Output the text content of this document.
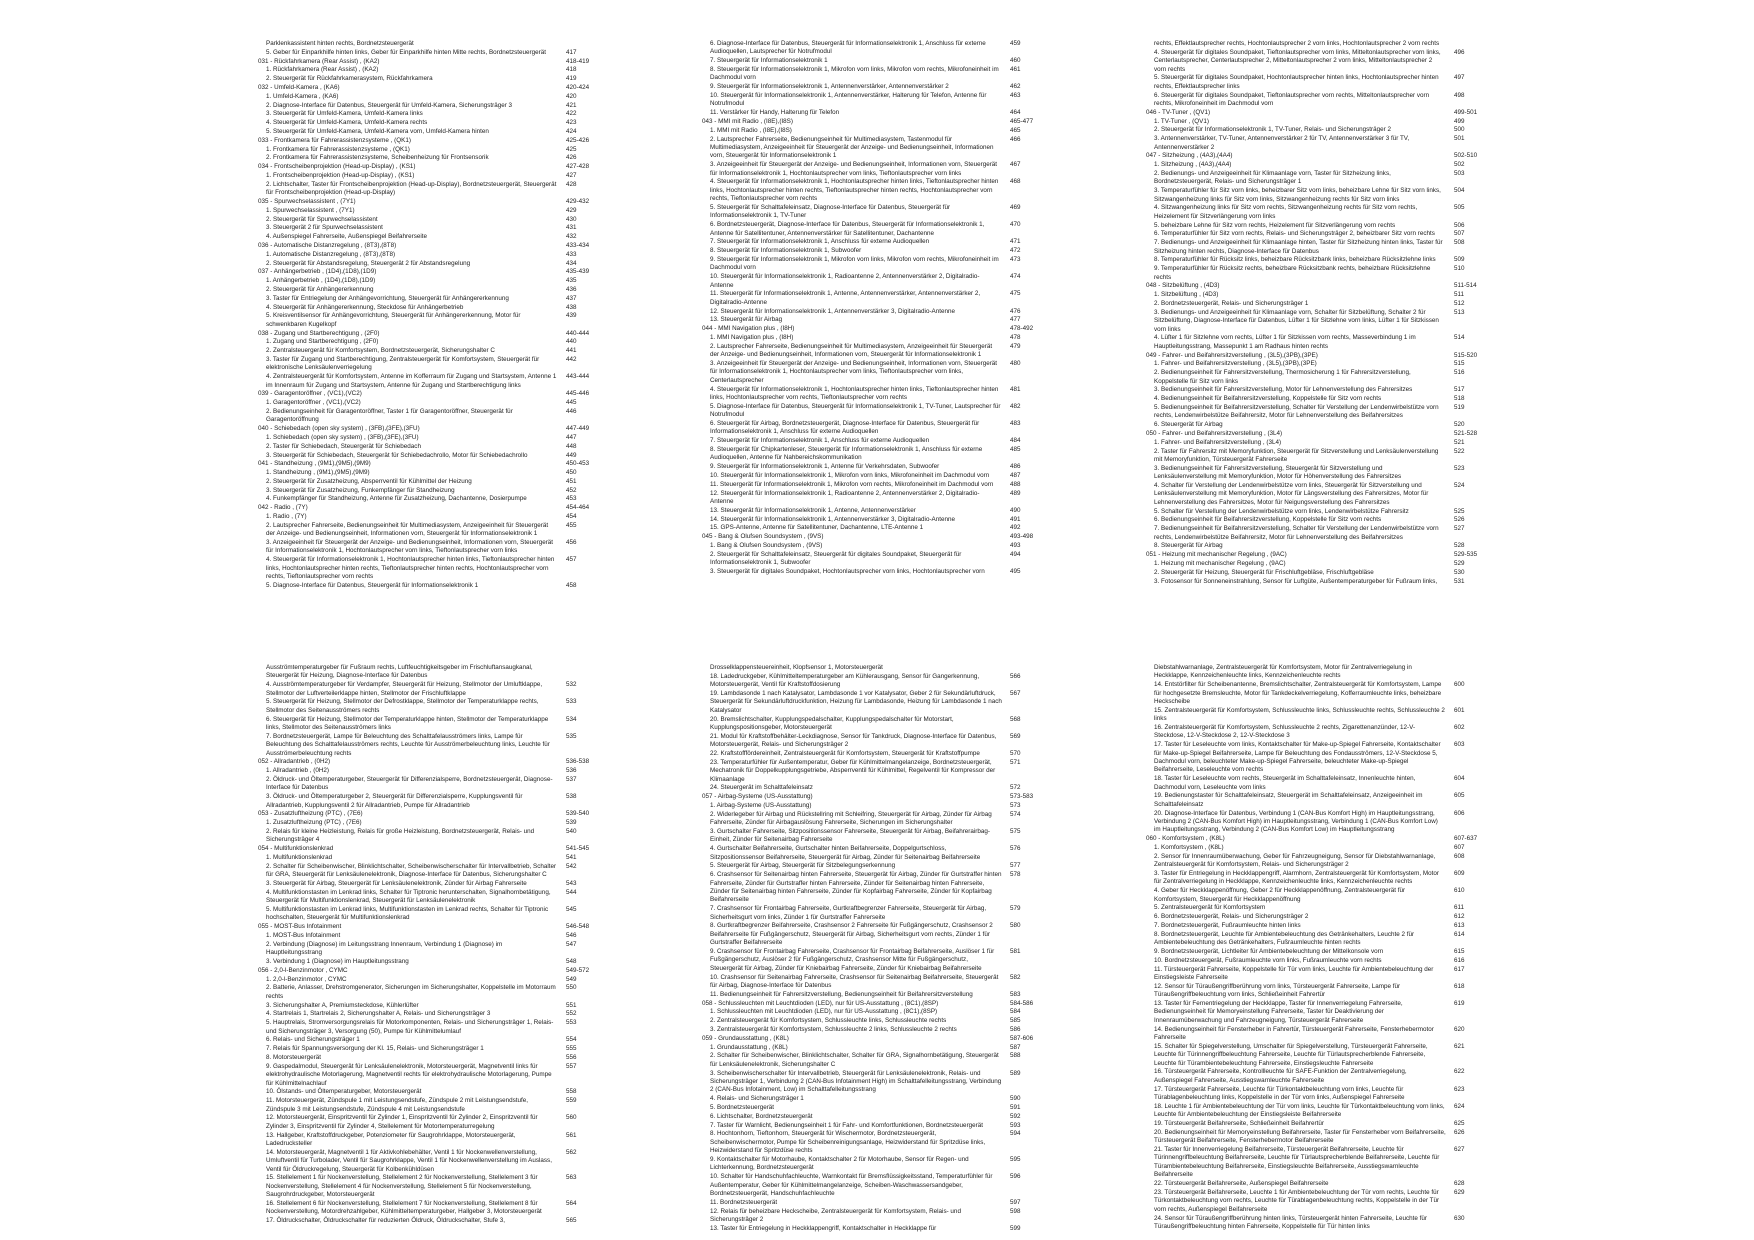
Parklenkassistent hinten rechts, Bordnetzsteuergerät
5. Geber für Einparkhilfe hinten links, Geber für Einparkhilfe hinten Mitte rechts, Bordnetzsteuergerät	417
031 - Rückfahrkamera (Rear Assist) , (KA2)	418-419
1. Rückfahrkamera (Rear Assist) , (KA2)	418
2. Steuergerät für Rückfahrkamerasystem, Rückfahrkamera	419
032 - Umfeld-Kamera , (KA6)	420-424
1. Umfeld-Kamera , (KA6)	420
2. Diagnose-Interface für Datenbus, Steuergerät für Umfeld-Kamera, Sicherungsträger 3	421
3. Steuergerät für Umfeld-Kamera, Umfeld-Kamera links	422
4. Steuergerät für Umfeld-Kamera, Umfeld-Kamera rechts	423
5. Steuergerät für Umfeld-Kamera, Umfeld-Kamera vorn, Umfeld-Kamera hinten	424
033 - Frontkamera für Fahrerassistenzsysteme , (QK1)	425-426
1. Frontkamera für Fahrerassistenzsysteme , (QK1)	425
2. Frontkamera für Fahrerassistenzsysteme, Scheibenheizung für Frontsensorik	426
034 - Frontscheibenprojektion (Head-up-Display) , (KS1)	427-428
1. Frontscheibenprojektion (Head-up-Display) , (KS1)	427
2. Lichtschalter, Taster für Frontscheibenprojektion (Head-up-Display), Bordnetzsteuergerät, Steuergerät für Frontscheibenprojektion (Head-up-Display)
428
035 - Spurwechselassistent , (7Y1)	429-432
1. Spurwechselassistent , (7Y1)	429
2. Steuergerät für Spurwechselassistent	430
3. Steuergerät 2 für Spurwechselassistent	431
4. Außenspiegel Fahrerseite, Außenspiegel Beifahrerseite	432
036 - Automatische Distanzregelung , (8T3),(8T8)	433-434
1. Automatische Distanzregelung , (8T3),(8T8)	433
2. Steuergerät für Abstandsregelung, Steuergerät 2 für Abstandsregelung	434
037 - Anhängerbetrieb , (1D4),(1D8),(1D9)	435-439
1. Anhängerbetrieb , (1D4),(1D8),(1D9)	435
2. Steuergerät für Anhängererkennung	436
3. Taster für Entriegelung der Anhängevorrichtung, Steuergerät für Anhängererkennung	437
4. Steuergerät für Anhängererkennung, Steckdose für Anhängerbetrieb	438
5. Kreisventilsensor für Anhängevorrichtung, Steuergerät für Anhängererkennung, Motor für schwenkbaren Kugelkopf
439
038 - Zugang und Startberechtigung , (2F0)	440-444
1. Zugang und Startberechtigung , (2F0)	440
2. Zentralsteuergerät für Komfortsystem, Bordnetzsteuergerät, Sicherungshalter C	441
3. Taster für Zugang und Startberechtigung, Zentralsteuergerät für Komfortsystem, Steuergerät für elektronische Lenksäulenverriegelung
442
4. Zentralsteuergerät für Komfortsystem, Antenne im Kofferraum für Zugang und Startsystem, Antenne 1 im Innenraum für Zugang und Startsystem, Antenne für Zugang und Startberechtigung links
443-444
039 - Garagentoröffner , (VC1),(VC2)	445-446
1. Garagentoröffner , (VC1),(VC2)	445
2. Bedienungseinheit für Garagentoröffner, Taster 1 für Garagentoröffner, Steuergerät für Garagentoröffnung
446
040 - Schiebedach (open sky system) , (3FB),(3FE),(3FU)	447-449
1. Schiebedach (open sky system) , (3FB),(3FE),(3FU)	447
2. Taster für Schiebedach, Steuergerät für Schiebedach	448
3. Steuergerät für Schiebedach, Steuergerät für Schiebedachrollo, Motor für Schiebedachrollo	449
041 - Standheizung , (9M1),(9M5),(9M9)	450-453
1. Standheizung , (9M1),(9M5),(9M9)	450
2. Steuergerät für Zusatzheizung, Absperrventil für Kühlmittel der Heizung	451
3. Steuergerät für Zusatzheizung, Funkempfänger für Standheizung	452
4. Funkempfänger für Standheizung, Antenne für Zusatzheizung, Dachantenne, Dosierpumpe	453
042 - Radio , (7Y)	454-464
1. Radio , (7Y)	454
2. Lautsprecher Fahrerseite, Bedienungseinheit für Multimediasystem, Anzeigeeinheit für Steuergerät der Anzeige- und Bedienungseinheit, Informationen vorn, Steuergerät für Informationselektronik 1
455
3. Anzeigeeinheit für Steuergerät der Anzeige- und Bedienungseinheit, Informationen vorn, Steuergerät für Informationselektronik 1, Hochtonlautsprecher vorn links, Tieftonlautsprecher vorn links
456
4. Steuergerät für Informationselektronik 1, Hochtonlautsprecher hinten links, Tieftonlautsprecher hinten links, Hochtonlautsprecher hinten rechts, Tieftonlautsprecher hinten rechts, Hochtonlautsprecher vorn rechts, Tieftonlautsprecher vorn rechts
457
5. Diagnose-Interface für Datenbus, Steuergerät für Informationselektronik 1	458
6. Diagnose-Interface für Datenbus, Steuergerät für Informationselektronik 1, Anschluss für externe Audioquellen, Lautsprecher für Notrufmodul
459
7. Steuergerät für Informationselektronik 1	460
8. Steuergerät für Informationselektronik 1, Mikrofon vorn links, Mikrofon vorn rechts, Mikrofoneinheit im Dachmodul vorn
461
9. Steuergerät für Informationselektronik 1, Antennenverstärker, Antennenverstärker 2	462
10. Steuergerät für Informationselektronik 1, Antennenverstärker, Halterung für Telefon, Antenne für Notrufmodul
463
11. Verstärker für Handy, Halterung für Telefon	464
043 - MMI mit Radio , (I8E),(I8S)	465-477
1. MMI mit Radio , (I8E),(I8S)	465
2. Lautsprecher Fahrerseite, Bedienungseinheit für Multimediasystem, Tastenmodul für Multimediasystem, Anzeigeeinheit für Steuergerät der Anzeige- und Bedienungseinheit, Informationen vorn, Steuergerät für Informationselektronik 1
466
3. Anzeigeeinheit für Steuergerät der Anzeige- und Bedienungseinheit, Informationen vorn, Steuergerät für Informationselektronik 1, Hochtonlautsprecher vorn links, Tieftonlautsprecher vorn links
467
4. Steuergerät für Informationselektronik 1, Hochtonlautsprecher hinten links, Tieftonlautsprecher hinten links, Hochtonlautsprecher hinten rechts, Tieftonlautsprecher hinten rechts, Hochtonlautsprecher vorn rechts, Tieftonlautsprecher vorn rechts
468
5. Steuergerät für Schalttafeleinsatz, Diagnose-Interface für Datenbus, Steuergerät für Informationselektronik 1, TV-Tuner
469
6. Bordnetzsteuergerät, Diagnose-Interface für Datenbus, Steuergerät für Informationselektronik 1, Antenne für Satellitentuner, Antennenverstärker für Satellitentuner, Dachantenne
470
7. Steuergerät für Informationselektronik 1, Anschluss für externe Audioquellen	471
8. Steuergerät für Informationselektronik 1, Subwoofer	472
9. Steuergerät für Informationselektronik 1, Mikrofon vorn links, Mikrofon vorn rechts, Mikrofoneinheit im Dachmodul vorn
473
10. Steuergerät für Informationselektronik 1, Radioantenne 2, Antennenverstärker 2, Digitalradio-Antenne
474
11. Steuergerät für Informationselektronik 1, Antenne, Antennenverstärker, Antennenverstärker 2, Digitalradio-Antenne
475
12. Steuergerät für Informationselektronik 1, Antennenverstärker 3, Digitalradio-Antenne	476
13. Steuergerät für Airbag	477
044 - MMI Navigation plus , (I8H)	478-492
1. MMI Navigation plus , (I8H)	478
2. Lautsprecher Fahrerseite, Bedienungseinheit für Multimediasystem, Anzeigeeinheit für Steuergerät der Anzeige- und Bedienungseinheit, Informationen vorn, Steuergerät für Informationselektronik 1
479
3. Anzeigeeinheit für Steuergerät der Anzeige- und Bedienungseinheit, Informationen vorn, Steuergerät für Informationselektronik 1, Hochtonlautsprecher vorn links, Tieftonlautsprecher vorn links, Centerlautsprecher
480
4. Steuergerät für Informationselektronik 1, Hochtonlautsprecher hinten links, Tieftonlautsprecher hinten links, Hochtonlautsprecher vorn rechts, Tieftonlautsprecher vorn rechts
481
5. Diagnose-Interface für Datenbus, Steuergerät für Informationselektronik 1, TV-Tuner, Lautsprecher für Notrufmodul
482
6. Steuergerät für Airbag, Bordnetzsteuergerät, Diagnose-Interface für Datenbus, Steuergerät für Informationselektronik 1, Anschluss für externe Audioquellen
483
7. Steuergerät für Informationselektronik 1, Anschluss für externe Audioquellen	484
8. Steuergerät für Chipkartenleser, Steuergerät für Informationselektronik 1, Anschluss für externe Audioquellen, Antenne für Nahbereichskommunikation
485
9. Steuergerät für Informationselektronik 1, Antenne für Verkehrsdaten, Subwoofer	486
10. Steuergerät für Informationselektronik 1, Mikrofon vorn links, Mikrofoneinheit im Dachmodul vorn	487
11. Steuergerät für Informationselektronik 1, Mikrofon vorn rechts, Mikrofoneinheit im Dachmodul vorn	488
12. Steuergerät für Informationselektronik 1, Radioantenne 2, Antennenverstärker 2, Digitalradio-Antenne
489
13. Steuergerät für Informationselektronik 1, Antenne, Antennenverstärker	490
14. Steuergerät für Informationselektronik 1, Antennenverstärker 3, Digitalradio-Antenne	491
15. GPS-Antenne, Antenne für Satellitentuner, Dachantenne, LTE-Antenne 1	492
045 - Bang & Olufsen Soundsystem , (9VS)	493-498
1. Bang & Olufsen Soundsystem , (9VS)	493
2. Steuergerät für Schalttafeleinsatz, Steuergerät für digitales Soundpaket, Steuergerät für Informationselektronik 1, Subwoofer
494
3. Steuergerät für digitales Soundpaket, Hochtonlautsprecher vorn links, Hochtonlautsprecher vorn	495
rechts, Effektlautsprecher rechts, Hochtonlautsprecher 2 vorn links, Hochtonlautsprecher 2 vorn rechts
4. Steuergerät für digitales Soundpaket, Tieftonlautsprecher vorn links, Mitteltonlautsprecher vorn links, Centerlautsprecher, Centerlautsprecher 2, Mitteltonlautsprecher 2 vorn links, Mitteltonlautsprecher 2 vorn rechts
496
5. Steuergerät für digitales Soundpaket, Hochtonlautsprecher hinten links, Hochtonlautsprecher hinten rechts, Effektlautsprecher links
497
6. Steuergerät für digitales Soundpaket, Tieftonlautsprecher vorn rechts, Mitteltonlautsprecher vorn rechts, Mikrofoneinheit im Dachmodul vorn
498
046 - TV-Tuner , (QV1)	499-501
1. TV-Tuner , (QV1)	499
2. Steuergerät für Informationselektronik 1, TV-Tuner, Relais- und Sicherungsträger 2	500
3. Antennenverstärker, TV-Tuner, Antennenverstärker 2 für TV, Antennenverstärker 3 für TV, Antennenverstärker 2
501
047 - Sitzheizung , (4A3),(4A4)	502-510
1. Sitzheizung , (4A3),(4A4)	502
2. Bedienungs- und Anzeigeeinheit für Klimaanlage vorn, Taster für Sitzheizung links, Bordnetzsteuergerät, Relais- und Sicherungsträger 1
503
3. Temperaturfühler für Sitz vorn links, beheizbarer Sitz vorn links, beheizbare Lehne für Sitz vorn links, Sitzwangenheizung links für Sitz vorn links, Sitzwangenheizung rechts für Sitz vorn links
504
4. Sitzwangenheizung links für Sitz vorn rechts, Sitzwangenheizung rechts für Sitz vorn rechts, Heizelement für Sitzverlängerung vorn links
505
5. beheizbare Lehne für Sitz vorn rechts, Heizelement für Sitzverlängerung vorn rechts	506
6. Temperaturfühler für Sitz vorn rechts, Relais- und Sicherungsträger 2, beheizbarer Sitz vorn rechts	507
7. Bedienungs- und Anzeigeeinheit für Klimaanlage hinten, Taster für Sitzheizung hinten links, Taster für Sitzheizung hinten rechts, Diagnose-Interface für Datenbus
508
8. Temperaturfühler für Rücksitz links, beheizbare Rücksitzbank links, beheizbare Rücksitzlehne links	509
9. Temperaturfühler für Rücksitz rechts, beheizbare Rücksitzbank rechts, beheizbare Rücksitzlehne rechts
510
048 - Sitzbelüftung , (4D3)	511-514
1. Sitzbelüftung , (4D3)	511
2. Bordnetzsteuergerät, Relais- und Sicherungsträger 1	512
3. Bedienungs- und Anzeigeeinheit für Klimaanlage vorn, Schalter für Sitzbelüftung, Schalter 2 für Sitzbelüftung, Diagnose-Interface für Datenbus, Lüfter 1 für Sitzlehne vorn links, Lüfter 1 für Sitzkissen vorn links
513
4. Lüfter 1 für Sitzlehne vorn rechts, Lüfter 1 für Sitzkissen vorn rechts, Masseverbindung 1 im Hauptleitungsstrang, Massepunkt 1 am Radhaus hinten rechts
514
049 - Fahrer- und Beifahrersitzverstellung , (3L5),(3PB),(3PE)	515-520
1. Fahrer- und Beifahrersitzverstellung , (3L5),(3PB),(3PE)	515
2. Bedienungseinheit für Fahrersitzverstellung, Thermosicherung 1 für Fahrersitzverstellung, Koppelstelle für Sitz vorn links
516
3. Bedienungseinheit für Fahrersitzverstellung, Motor für Lehnenverstellung des Fahrersitzes	517
4. Bedienungseinheit für Beifahrersitzverstellung, Koppelstelle für Sitz vorn rechts	518
5. Bedienungseinheit für Beifahrersitzverstellung, Schalter für Verstellung der Lendenwirbelstütze vorn rechts, Lendenwirbelstütze Beifahrersitz, Motor für Lehnenverstellung des Beifahrersitzes
519
6. Steuergerät für Airbag	520
050 - Fahrer- und Beifahrersitzverstellung , (3L4)	521-528
1. Fahrer- und Beifahrersitzverstellung , (3L4)	521
2. Taster für Fahrersitz mit Memoryfunktion, Steuergerät für Sitzverstellung und Lenksäulenverstellung mit Memoryfunktion, Türsteuergerät Fahrerseite
522
3. Bedienungseinheit für Fahrersitzverstellung, Steuergerät für Sitzverstellung und Lenksäulenverstellung mit Memoryfunktion, Motor für Höhenverstellung des Fahrersitzes
523
4. Schalter für Verstellung der Lendenwirbelstütze vorn links, Steuergerät für Sitzverstellung und Lenksäulenverstellung mit Memoryfunktion, Motor für Längsverstellung des Fahrersitzes, Motor für Lehnenverstellung des Fahrersitzes, Motor für Neigungsverstellung des Fahrersitzes
524
5. Schalter für Verstellung der Lendenwirbelstütze vorn links, Lendenwirbelstütze Fahrersitz	525
6. Bedienungseinheit für Beifahrersitzverstellung, Koppelstelle für Sitz vorn rechts	526
7. Bedienungseinheit für Beifahrersitzverstellung, Schalter für Verstellung der Lendenwirbelstütze vorn rechts, Lendenwirbelstütze Beifahrersitz, Motor für Lehnenverstellung des Beifahrersitzes
527
8. Steuergerät für Airbag	528
051 - Heizung mit mechanischer Regelung , (9AC)	529-535
1. Heizung mit mechanischer Regelung , (9AC)	529
2. Steuergerät für Heizung, Steuergerät für Frischluftgebläse, Frischluftgebläse	530
3. Fotosensor für Sonneneinstrahlung, Sensor für Luftgüte, Außentemperaturgeber für Fußraum links,	531
Ausströmtemperaturgeber für Fußraum rechts, Luftfeuchtigkeitsgeber im Frischluftansaugkanal, Steuergerät für Heizung, Diagnose-Interface für Datenbus
4. Ausströmtemperaturgeber für Verdampfer, Steuergerät für Heizung, Stellmotor der Umluftklappe, Stellmotor der Luftverteilerklappe hinten, Stellmotor der Frischluftklappe
532
5. Steuergerät für Heizung, Stellmotor der Defrostklappe, Stellmotor der Temperaturklappe rechts, Stellmotor des Seitenausströmers rechts
533
6. Steuergerät für Heizung, Stellmotor der Temperaturklappe hinten, Stellmotor der Temperaturklappe links, Stellmotor des Seitenausströmers links
534
7. Bordnetzsteuergerät, Lampe für Beleuchtung des Schalttafelausströmers links, Lampe für Beleuchtung des Schalttafelausströmers rechts, Leuchte für Ausströmerbeleuchtung links, Leuchte für Ausströmerbeleuchtung rechts
535
052 - Allradantrieb , (0H2)	536-538
1. Allradantrieb , (0H2)	536
2. Öldruck- und Öltemperaturgeber, Steuergerät für Differenzialsperre, Bordnetzsteuergerät, Diagnose-Interface für Datenbus
537
3. Öldruck- und Öltemperaturgeber 2, Steuergerät für Differenzialsperre, Kupplungsventil für Allradantrieb, Kupplungsventil 2 für Allradantrieb, Pumpe für Allradantrieb
538
053 - Zusatzluftheizung (PTC) , (7E6)	539-540
1. Zusatzluftheizung (PTC) , (7E6)	539
2. Relais für kleine Heizleistung, Relais für große Heizleistung, Bordnetzsteuergerät, Relais- und Sicherungsträger 4
540
054 - Multifunktionslenkrad	541-545
1. Multifunktionslenkrad	541
2. Schalter für Scheibenwischer, Blinklichtschalter, Scheibenwischerschalter für Intervallbetrieb, Schalter für GRA, Steuergerät für Lenksäulenelektronik, Diagnose-Interface für Datenbus, Sicherungshalter C
542
3. Steuergerät für Airbag, Steuergerät für Lenksäulenelektronik, Zünder für Airbag Fahrerseite	543
4. Multifunktionstasten im Lenkrad links, Schalter für Tiptronic herunterschalten, Signalhornbetätigung, Steuergerät für Multifunktionslenkrad, Steuergerät für Lenksäulenelektronik
544
5. Multifunktionstasten im Lenkrad links, Multifunktionstasten im Lenkrad rechts, Schalter für Tiptronic hochschalten, Steuergerät für Multifunktionslenkrad
545
055 - MOST-Bus Infotainment	546-548
1. MOST-Bus Infotainment	546
2. Verbindung (Diagnose) im Leitungsstrang Innenraum, Verbindung 1 (Diagnose) im Hauptleitungsstrang
547
3. Verbindung 1 (Diagnose) im Hauptleitungsstrang	548
056 - 2,0-l-Benzinmotor , CYMC	549-572
1. 2,0-l-Benzinmotor , CYMC	549
2. Batterie, Anlasser, Drehstromgenerator, Sicherungen im Sicherungshalter, Koppelstelle im Motorraum rechts
550
3. Sicherungshalter A, Premiumsteckdose, Kühlerlüfter	551
4. Startrelais 1, Startrelais 2, Sicherungshalter A, Relais- und Sicherungsträger 3	552
5. Hauptrelais, Stromversorgungsrelais für Motorkomponenten, Relais- und Sicherungsträger 1, Relais- und Sicherungsträger 3, Versorgung (50), Pumpe für Kühlmittelumlauf
553
6. Relais- und Sicherungsträger 1	554
7. Relais für Spannungsversorgung der Kl. 15, Relais- und Sicherungsträger 1	555
8. Motorsteuergerät	556
9. Gaspedalmodul, Steuergerät für Lenksäulenelektronik, Motorsteuergerät, Magnetventil links für elektrohydraulische Motorlagerung, Magnetventil rechts für elektrohydraulische Motorlagerung, Pumpe für Kühlmittelnachlauf
557
10. Ölstands- und Öltemperaturgeber, Motorsteuergerät	558
11. Motorsteuergerät, Zündspule 1 mit Leistungsendstufe, Zündspule 2 mit Leistungsendstufe, Zündspule 3 mit Leistungsendstufe, Zündspule 4 mit Leistungsendstufe
559
12. Motorsteuergerät, Einspritzventil für Zylinder 1, Einspritzventil für Zylinder 2, Einspritzventil für Zylinder 3, Einspritzventil für Zylinder 4, Stellelement für Motortemperaturregelung
560
13. Hallgeber, Kraftstoffdruckgeber, Potenziometer für Saugrohrklappe, Motorsteuergerät, Ladedrucksteller
561
14. Motorsteuergerät, Magnetventil 1 für Aktivkohlebehälter, Ventil 1 für Nockenwellenverstellung, Umluftventil für Turbolader, Ventil für Saugrohrklappe, Ventil 1 für Nockenwellenverstellung im Auslass, Ventil für Öldruckregelung, Steuergerät für Kolbenkühldüsen
562
15. Stellelement 1 für Nockenverstellung, Stellelement 2 für Nockenverstellung, Stellelement 3 für Nockenverstellung, Stellelement 4 für Nockenverstellung, Stellelement 5 für Nockenverstellung, Saugrohrdruckgeber, Motorsteuergerät
563
16. Stellelement 6 für Nockenverstellung, Stellelement 7 für Nockenverstellung, Stellelement 8 für Nockenverstellung, Motordrehzahlgeber, Kühlmitteltemperaturgeber, Hallgeber 3, Motorsteuergerät
564
17. Öldruckschalter, Öldruckschalter für reduzierten Öldruck, Öldruckschalter, Stufe 3,	565
Drosselklappensteuereinheit, Klopfsensor 1, Motorsteuergerät
18. Ladedruckgeber, Kühlmitteltemperaturgeber am Kühlerausgang, Sensor für Gangerkennung, Motorsteuergerät, Ventil für Kraftstoffdosierung
566
19. Lambdasonde 1 nach Katalysator, Lambdasonde 1 vor Katalysator, Geber 2 für Sekundärluftdruck, Steuergerät für Sekundärluftdruckfunktion, Heizung für Lambdasonde, Heizung für Lambdasonde 1 nach Katalysator
567
20. Bremslichtschalter, Kupplungspedalschalter, Kupplungspedalschalter für Motorstart, Kupplungspositionsgeber, Motorsteuergerät
568
21. Modul für Kraftstoffbehälter-Leckdiagnose, Sensor für Tankdruck, Diagnose-Interface für Datenbus, Motorsteuergerät, Relais- und Sicherungsträger 2
569
22. Kraftstofffördereinheit, Zentralsteuergerät für Komfortsystem, Steuergerät für Kraftstoffpumpe	570
23. Temperaturfühler für Außentemperatur, Geber für Kühlmittelmangelanzeige, Bordnetzsteuergerät, Mechatronik für Doppelkupplungsgetriebe, Absperrventil für Kühlmittel, Regelventil für Kompressor der Klimaanlage
571
24. Steuergerät im Schalttafeleinsatz	572
057 - Airbag-Systeme (US-Ausstattung)	573-583
1. Airbag-Systeme (US-Ausstattung)	573
2. Widerlegeber für Airbag und Rückstellring mit Schleifring, Steuergerät für Airbag, Zünder für Airbag Fahrerseite, Zünder für Airbagauslösung Fahrerseite, Sicherungen im Sicherungshalter
574
3. Gurtschalter Fahrerseite, Sitzpositionssensor Fahrerseite, Steuergerät für Airbag, Beifahrerairbag-Einheit, Zünder für Seitenairbag Fahrerseite
575
4. Gurtschalter Beifahrerseite, Gurtschalter hinten Beifahrerseite, Doppelgurtschloss, Sitzpositionssensor Beifahrerseite, Steuergerät für Airbag, Zünder für Seitenairbag Beifahrerseite
576
5. Steuergerät für Airbag, Steuergerät für Sitzbelegungserkennung	577
6. Crashsensor für Seitenairbag hinten Fahrerseite, Steuergerät für Airbag, Zünder für Gurtstraffer hinten Fahrerseite, Zünder für Gurtstraffer hinten Fahrerseite, Zünder für Seitenairbag hinten Fahrerseite, Zünder für Seitenairbag hinten Fahrerseite, Zünder für Kopfairbag Fahrerseite, Zünder für Kopfairbag Beifahrerseite
578
7. Crashsensor für Frontairbag Fahrerseite, Gurtkraftbegrenzer Fahrerseite, Steuergerät für Airbag, Sicherheitsgurt vorn links, Zünder 1 für Gurtstraffer Fahrerseite
579
8. Gurtkraftbegrenzer Beifahrerseite, Crashsensor 2 Fahrerseite für Fußgängerschutz, Crashsensor 2 Beifahrerseite für Fußgängerschutz, Steuergerät für Airbag, Sicherheitsgurt vorn rechts, Zünder 1 für Gurtstraffer Beifahrerseite
580
9. Crashsensor für Frontairbag Fahrerseite, Crashsensor für Frontairbag Beifahrerseite, Auslöser 1 für Fußgängerschutz, Auslöser 2 für Fußgängerschutz, Crashsensor Mitte für Fußgängerschutz, Steuergerät für Airbag, Zünder für Kniebairbag Fahrerseite, Zünder für Kniebairbag Beifahrerseite
581
10. Crashsensor für Seitenairbag Fahrerseite, Crashsensor für Seitenairbag Beifahrerseite, Steuergerät für Airbag, Diagnose-Interface für Datenbus
582
11. Bedienungseinheit für Fahrersitzverstellung, Bedienungseinheit für Beifahrersitzverstellung	583
058 - Schlussleuchten mit Leuchtdioden (LED), nur für US-Ausstattung , (8C1),(8SP)	584-586
1. Schlussleuchten mit Leuchtdioden (LED), nur für US-Ausstattung , (8C1),(8SP)	584
2. Zentralsteuergerät für Komfortsystem, Schlussleuchte links, Schlussleuchte rechts	585
3. Zentralsteuergerät für Komfortsystem, Schlussleuchte 2 links, Schlussleuchte 2 rechts	586
059 - Grundausstattung , (K8L)	587-606
1. Grundausstattung , (K8L)	587
2. Schalter für Scheibenwischer, Blinklichtschalter, Schalter für GRA, Signalhornbetätigung, Steuergerät für Lenksäulenelektronik, Sicherungshalter C
588
3. Scheibenwischerschalter für Intervallbetrieb, Steuergerät für Lenksäulenelektronik, Relais- und Sicherungsträger 1, Verbindung 2 (CAN-Bus Infotainment High) im Schalttafelleitungsstrang, Verbindung 2 (CAN-Bus Infotainment, Low) im Schalttafelleitungsstrang
589
4. Relais- und Sicherungsträger 1	590
5. Bordnetzsteuergerät	591
6. Lichtschalter, Bordnetzsteuergerät	592
7. Taster für Warnlicht, Bedienungseinheit 1 für Fahr- und Komfortfunktionen, Bordnetzsteuergerät	593
8. Hochtonhorn, Tieftonhorn, Steuergerät für Wischermotor, Bordnetzsteuergerät, Scheibenwischermotor, Pumpe für Scheibenreinigungsanlage, Heizwiderstand für Spritzdüse links, Heizwiderstand für Spritzdüse rechts
594
9. Kontaktschalter für Motorhaube, Kontaktschalter 2 für Motorhaube, Sensor für Regen- und Lichterkennung, Bordnetzsteuergerät
595
10. Schalter für Handschuhfachleuchte, Warnkontakt für Bremsflüssigkeitsstand, Temperaturfühler für Außentemperatur, Geber für Kühlmittelmangelanzeige, Scheiben-Waschwassersandgeber, Bordnetzsteuergerät, Handschuhfachleuchte
596
11. Bordnetzsteuergerät	597
12. Relais für beheizbare Heckscheibe, Zentralsteuergerät für Komfortsystem, Relais- und Sicherungsträger 2
598
13. Taster für Entriegelung in Heckklappengriff, Kontaktschalter in Heckklappe für	599
Diebstahlwarnanlage, Zentralsteuergerät für Komfortsystem, Motor für Zentralverriegelung in Heckklappe, Kennzeichenleuchte links, Kennzeichenleuchte rechts
14. Entstörfilter für Scheibenantenne, Bremslichtschalter, Zentralsteuergerät für Komfortsystem, Lampe für hochgesetzte Bremsleuchte, Motor für Tankdeckelverriegelung, Kofferraumleuchte links, beheizbare Heckscheibe
600
15. Zentralsteuergerät für Komfortsystem, Schlussleuchte links, Schlussleuchte rechts, Schlussleuchte 2 links
601
16. Zentralsteuergerät für Komfortsystem, Schlussleuchte 2 rechts, Zigarettenanzünder, 12-V-Steckdose, 12-V-Steckdose 2, 12-V-Steckdose 3
602
17. Taster für Leseleuchte vorn links, Kontaktschalter für Make-up-Spiegel Fahrerseite, Kontaktschalter für Make-up-Spiegel Beifahrerseite, Lampe für Beleuchtung des Fondausströmers, 12-V-Steckdose 5, Dachmodul vorn, beleuchteter Make-up-Spiegel Fahrerseite, beleuchteter Make-up-Spiegel Beifahrerseite, Leseleuchte vorn rechts
603
18. Taster für Leseleuchte vorn rechts, Steuergerät im Schalttafeleinsatz, Innenleuchte hinten, Dachmodul vorn, Leseleuchte vorn links
604
19. Bedienungstaster für Schalttafeleinsatz, Steuergerät im Schalttafeleinsatz, Anzeigeeinheit im Schalttafeleinsatz
605
20. Diagnose-Interface für Datenbus, Verbindung 1 (CAN-Bus Komfort High) im Hauptleitungsstrang, Verbindung 2 (CAN-Bus Komfort High) im Hauptleitungsstrang, Verbindung 1 (CAN-Bus Komfort Low) im Hauptleitungsstrang, Verbindung 2 (CAN-Bus Komfort Low) im Hauptleitungsstrang
606
060 - Komfortsystem , (K8L)	607-637
1. Komfortsystem , (K8L)	607
2. Sensor für Innenraumüberwachung, Geber für Fahrzeugneigung, Sensor für Diebstahlwarnanlage, Zentralsteuergerät für Komfortsystem, Relais- und Sicherungsträger 2
608
3. Taster für Entriegelung in Heckklappengriff, Alarmhorn, Zentralsteuergerät für Komfortsystem, Motor für Zentralverriegelung in Heckklappe, Kennzeichenleuchte links, Kennzeichenleuchte rechts
609
4. Geber für Heckklappenöffnung, Geber 2 für Heckklappenöffnung, Zentralsteuergerät für Komfortsystem, Steuergerät für Heckklappenöffnung
610
5. Zentralsteuergerät für Komfortsystem	611
6. Bordnetzsteuergerät, Relais- und Sicherungsträger 2	612
7. Bordnetzsteuergerät, Fußraumleuchte hinten links	613
8. Bordnetzsteuergerät, Leuchte für Ambientebeleuchtung des Getränkehalters, Leuchte 2 für Ambientebeleuchtung des Getränkehalters, Fußraumleuchte hinten rechts
614
9. Bordnetzsteuergerät, Lichtleiter für Ambientebeleuchtung der Mittelkonsole vorn	615
10. Bordnetzsteuergerät, Fußraumleuchte vorn links, Fußraumleuchte vorn rechts	616
11. Türsteuergerät Fahrerseite, Koppelstelle für Tür vorn links, Leuchte für Ambientebeleuchtung der Einstiegsleiste Fahrerseite
617
12. Sensor für Türaußengriffberührung vorn links, Türsteuergerät Fahrerseite, Lampe für Türaußengriffbeleuchtung vorn links, Schließeinheit Fahrertür
618
13. Taster für Fernentriegelung der Heckklappe, Taster für Innenverriegelung Fahrerseite, Bedienungseinheit für Memoryeinstellung Fahrerseite, Taster für Deaktivierung der Innenraumüberwachung und Fahrzeugneigung, Türsteuergerät Fahrerseite
619
14. Bedienungseinheit für Fensterheber in Fahrertür, Türsteuergerät Fahrerseite, Fensterhebermotor Fahrerseite
620
15. Schalter für Spiegelverstellung, Umschalter für Spiegelverstellung, Türsteuergerät Fahrerseite, Leuchte für Türinnengriffbeleuchtung Fahrerseite, Leuchte für Türlautsprecherblende Fahrerseite, Leuchte für Türambientebeleuchtung Fahrerseite, Einstiegsleuchte Fahrerseite
621
16. Türsteuergerät Fahrerseite, Kontrollleuchte für SAFE-Funktion der Zentralverriegelung, Außenspiegel Fahrerseite, Ausstiegswarnleuchte Fahrerseite
622
17. Türsteuergerät Fahrerseite, Leuchte für Türkontaktbeleuchtung vorn links, Leuchte für Türablagenbeleuchtung links, Koppelstelle in der Tür vorn links, Außenspiegel Fahrerseite
623
18. Leuchte 1 für Ambientebeleuchtung der Tür vorn links, Leuchte für Türkontaktbeleuchtung vorn links, Leuchte für Ambientebeleuchtung der Einstiegsleiste Beifahrerseite
624
19. Türsteuergerät Beifahrerseite, Schließeinheit Beifahrertür	625
20. Bedienungseinheit für Memoryeinstellung Beifahrerseite, Taster für Fensterheber vorn Beifahrerseite, Türsteuergerät Beifahrerseite, Fensterhebermotor Beifahrerseite
626
21. Taster für Innenverriegelung Beifahrerseite, Türsteuergerät Beifahrerseite, Leuchte für Türinnengriffbeleuchtung Beifahrerseite, Leuchte für Türlautsprecherblende Beifahrerseite, Leuchte für Türambientebeleuchtung Beifahrerseite, Einstiegsleuchte Beifahrerseite, Ausstiegswarnleuchte Beifahrerseite
627
22. Türsteuergerät Beifahrerseite, Außenspiegel Beifahrerseite	628
23. Türsteuergerät Beifahrerseite, Leuchte 1 für Ambientebeleuchtung der Tür vorn rechts, Leuchte für Türkontaktbeleuchtung vorn rechts, Leuchte für Türablagenbeleuchtung rechts, Koppelstelle in der Tür vorn rechts, Außenspiegel Beifahrerseite
629
24. Sensor für Türaußengriffberührung hinten links, Türsteuergerät hinten Fahrerseite, Leuchte für Türaußengriffbeleuchtung hinten Fahrerseite, Koppelstelle für Tür hinten links
630
